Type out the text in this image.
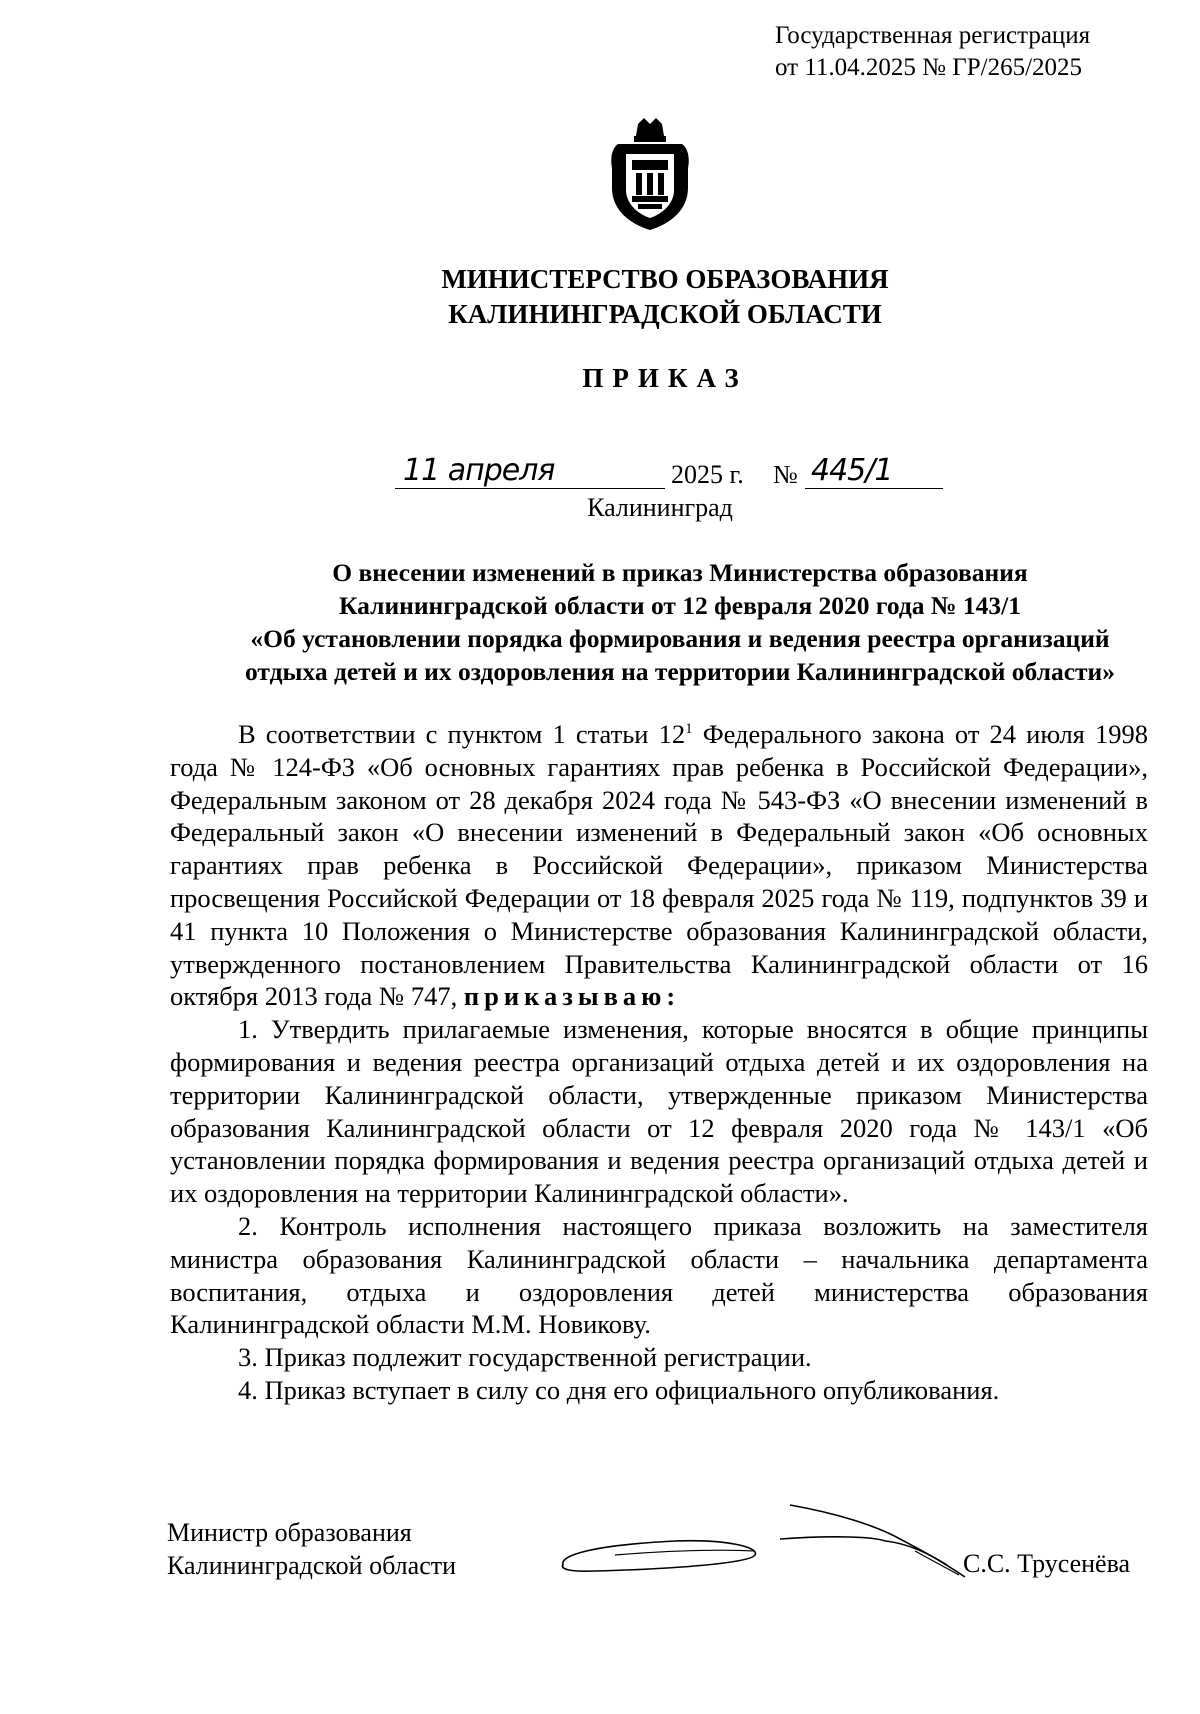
Государственная регистрация
от 11.04.2025 № ГР/265/2025
МИНИСТЕРСТВО ОБРАЗОВАНИЯ
КАЛИНИНГРАДСКОЙ ОБЛАСТИ
ПРИКАЗ
11 апреля	2025 г. № 445/1
Калининград
О внесении изменений в приказ Министерства образования
Калининградской области от 12 февраля 2020 года № 143/1
«Об установлении порядка формирования и ведения реестра организаций
отдыха детей и их оздоровления на территории Калининградской области»

В соответствии с пунктом 1 статьи $12^1$ Федерального закона от 24 июля 1998 года № 124-ФЗ «Об основных гарантиях прав ребенка в Российской Федерации», Федеральным законом от 28 декабря 2024 года № 543-ФЗ «О внесении изменений в Федеральный закон «О внесении изменений в Федеральный закон «Об основных гарантиях прав ребенка в Российской Федерации», приказом Министерства просвещения Российской Федерации от 18 февраля 2025 года № 119, подпунктов 39 и 41 пункта 10 Положения о Министерстве образования Калининградской области, утвержденного постановлением Правительства Калининградской области от 16 октября 2013 года № 747, приказываю:

1. Утвердить прилагаемые изменения, которые вносятся в общие принципы формирования и ведения реестра организаций отдыха детей и их оздоровления на территории Калининградской области, утвержденные приказом Министерства образования Калининградской области от 12 февраля 2020 года № 143/1 «Об установлении порядка формирования и ведения реестра организаций отдыха детей и их оздоровления на территории Калининградской области».

2. Контроль исполнения настоящего приказа возложить на заместителя министра образования Калининградской области – начальника департамента воспитания, отдыха и оздоровления детей министерства образования Калининградской области М.М. Новикову.

3. Приказ подлежит государственной регистрации.

4. Приказ вступает в силу со дня его официального опубликования.

Министр образования
Калининградской области	С.С. Трусенёва
